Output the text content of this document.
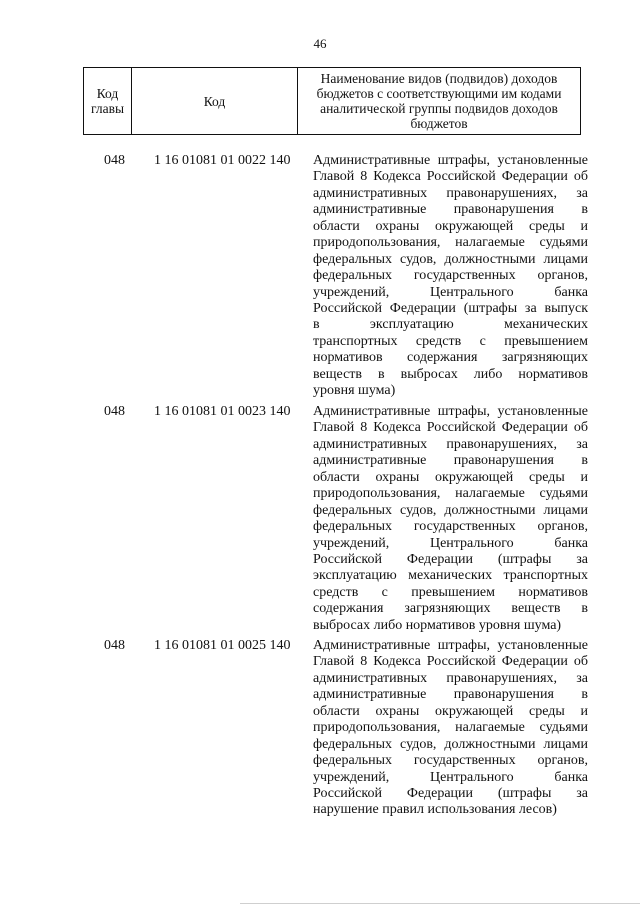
46
Код главы	Код	Наименование видов (подвидов) доходов бюджетов с соответствующими им кодами аналитической группы подвидов доходов бюджетов
048 1 16 01081 01 0022 140 Административные штрафы, установленные
Главой 8 Кодекса Российской Федерации об
административных правонарушениях, за
административные правонарушения в
области охраны окружающей среды и
природопользования, налагаемые судьями
федеральных судов, должностными лицами
федеральных государственных органов,
учреждений, Центрального банка
Российской Федерации (штрафы за выпуск
в эксплуатацию механических
транспортных средств с превышением
нормативов содержания загрязняющих
веществ в выбросах либо нормативов
уровня шума)
048 1 16 01081 01 0023 140 Административные штрафы, установленные
Главой 8 Кодекса Российской Федерации об
административных правонарушениях, за
административные правонарушения в
области охраны окружающей среды и
природопользования, налагаемые судьями
федеральных судов, должностными лицами
федеральных государственных органов,
учреждений, Центрального банка
Российской Федерации (штрафы за
эксплуатацию механических транспортных
средств с превышением нормативов
содержания загрязняющих веществ в
выбросах либо нормативов уровня шума)
048 1 16 01081 01 0025 140 Административные штрафы, установленные
Главой 8 Кодекса Российской Федерации об
административных правонарушениях, за
административные правонарушения в
области охраны окружающей среды и
природопользования, налагаемые судьями
федеральных судов, должностными лицами
федеральных государственных органов,
учреждений, Центрального банка
Российской Федерации (штрафы за
нарушение правил использования лесов)
